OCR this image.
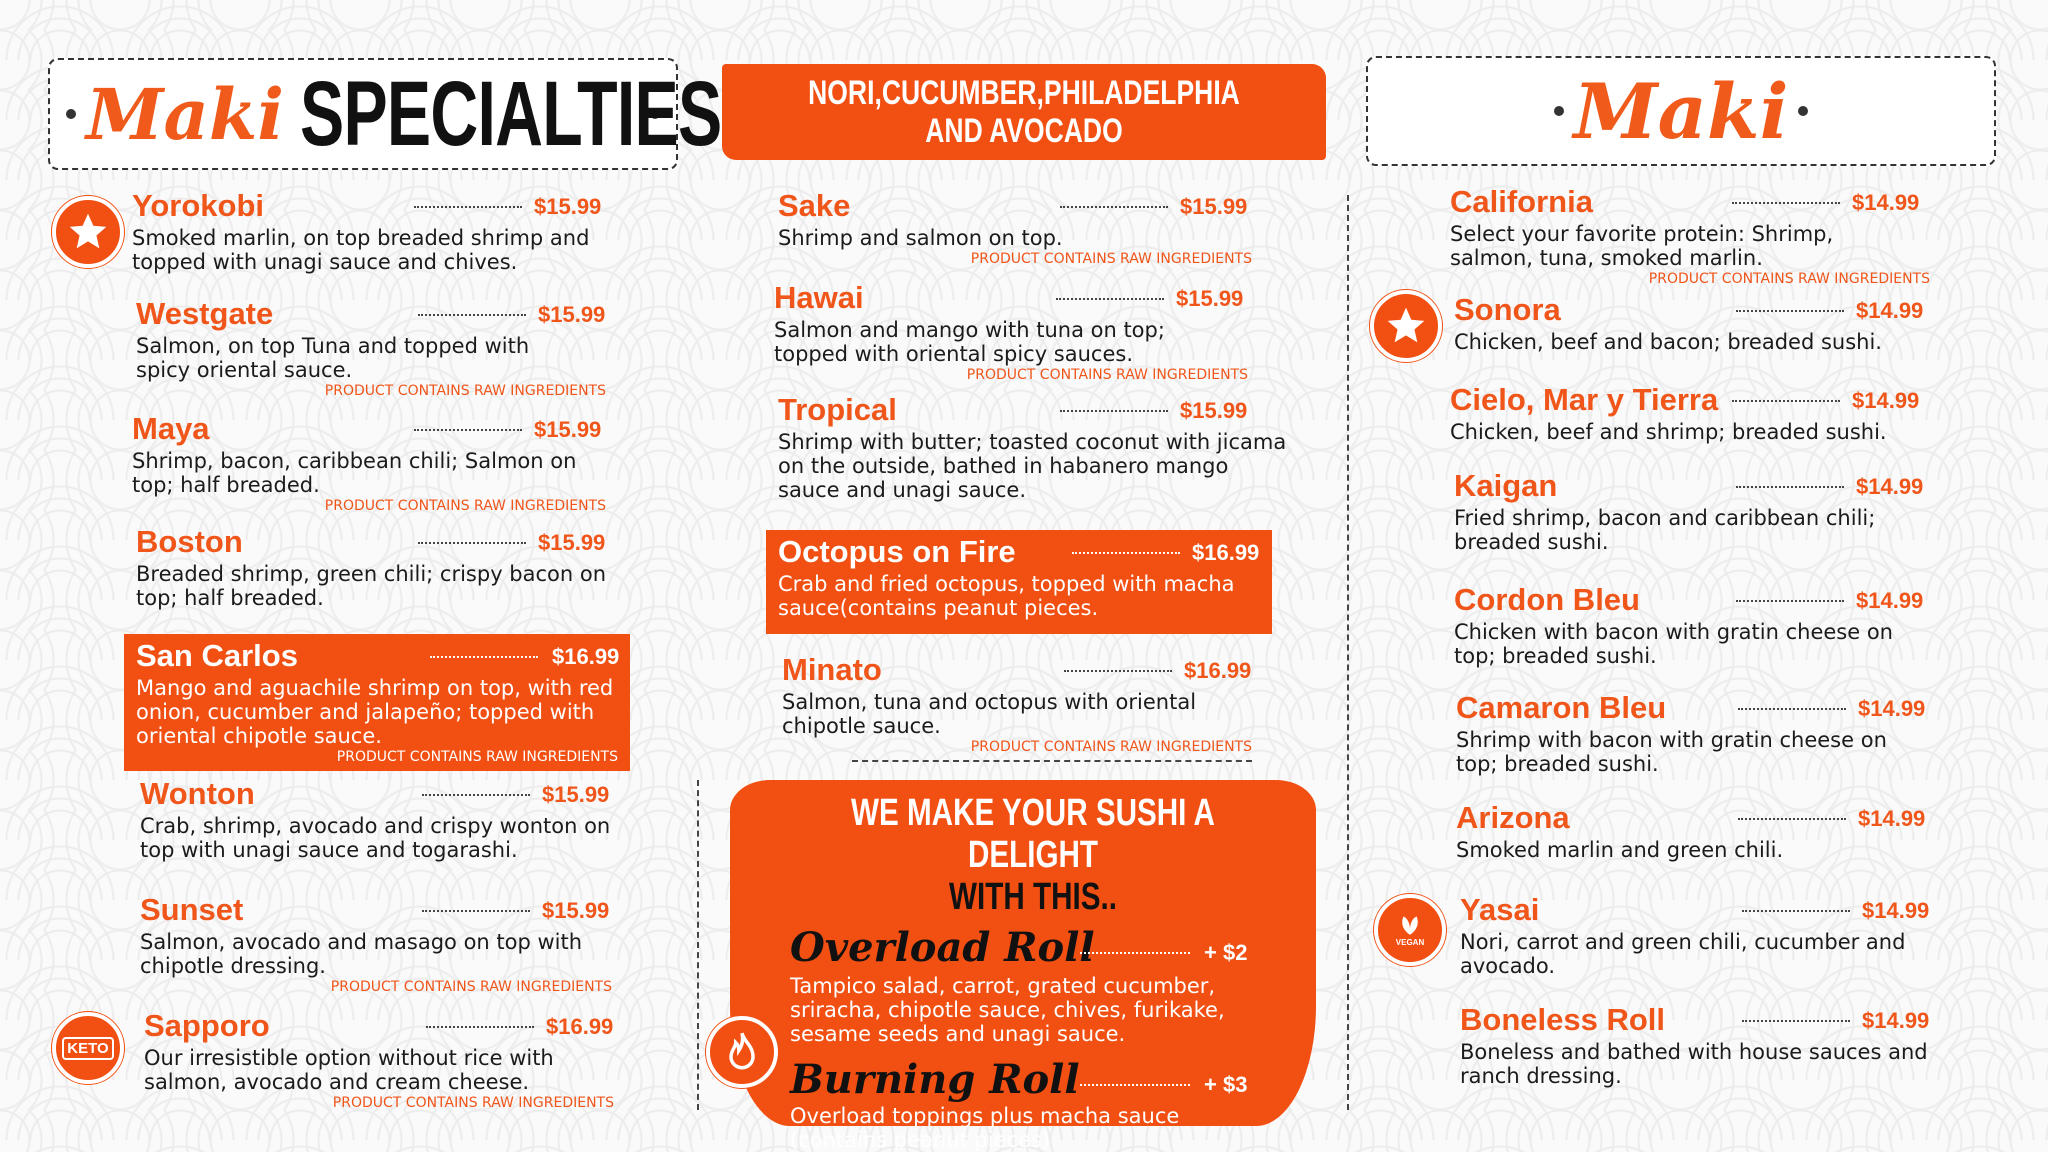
Maki SPECIALTIES	NORI,CUCUMBER,PHILADELPHIA
AND AVOCADO	Maki
Yorokobi	$15.99
Smoked marlin, on top breaded shrimp and topped with unagi sauce and chives.
Westgate	$15.99
Salmon, on top Tuna and topped with spicy oriental sauce.
PRODUCT CONTAINS RAW INGREDIENTS
Maya	$15.99
Shrimp, bacon, caribbean chili; Salmon on top; half breaded.
PRODUCT CONTAINS RAW INGREDIENTS
Boston	$15.99
Breaded shrimp, green chili; crispy bacon on top; half breaded.
San Carlos	$16.99
Mango and aguachile shrimp on top, with red onion, cucumber and jalapeño; topped with oriental chipotle sauce.
PRODUCT CONTAINS RAW INGREDIENTS
Wonton	$15.99
Crab, shrimp, avocado and crispy wonton on top with unagi sauce and togarashi.
Sunset	$15.99
Salmon, avocado and masago on top with chipotle dressing.
PRODUCT CONTAINS RAW INGREDIENTS
KETO
Sapporo	$16.99
Our irresistible option without rice with salmon, avocado and cream cheese.
PRODUCT CONTAINS RAW INGREDIENTS
Sake	$15.99
Shrimp and salmon on top.
PRODUCT CONTAINS RAW INGREDIENTS
Hawai	$15.99
Salmon and mango with tuna on top; topped with oriental spicy sauces.
PRODUCT CONTAINS RAW INGREDIENTS
Tropical	$15.99
Shrimp with butter; toasted coconut with jicama on the outside, bathed in habanero mango sauce and unagi sauce.
Octopus on Fire	$16.99
Crab and fried octopus, topped with macha sauce(contains peanut pieces.
Minato	$16.99
Salmon, tuna and octopus with oriental chipotle sauce.
PRODUCT CONTAINS RAW INGREDIENTS
WE MAKE YOUR SUSHI A DELIGHT
WITH THIS..
Overload Roll	+ $2
Tampico salad, carrot, grated cucumber, sriracha, chipotle sauce, chives, furikake, sesame seeds and unagi sauce.
Burning Roll	+ $3
Overload toppings plus macha sauce (contains peanut pieces)
California	$14.99
Select your favorite protein: Shrimp, salmon, tuna, smoked marlin.
PRODUCT CONTAINS RAW INGREDIENTS
Sonora	$14.99
Chicken, beef and bacon; breaded sushi.
Cielo, Mar y Tierra	$14.99
Chicken, beef and shrimp; breaded sushi.
Kaigan	$14.99
Fried shrimp, bacon and caribbean chili; breaded sushi.
Cordon Bleu	$14.99
Chicken with bacon with gratin cheese on top; breaded sushi.
Camaron Bleu	$14.99
Shrimp with bacon with gratin cheese on top; breaded sushi.
Arizona	$14.99
Smoked marlin and green chili.
VEGAN
Yasai	$14.99
Nori, carrot and green chili, cucumber and avocado.
Boneless Roll	$14.99
Boneless and bathed with house sauces and ranch dressing.
